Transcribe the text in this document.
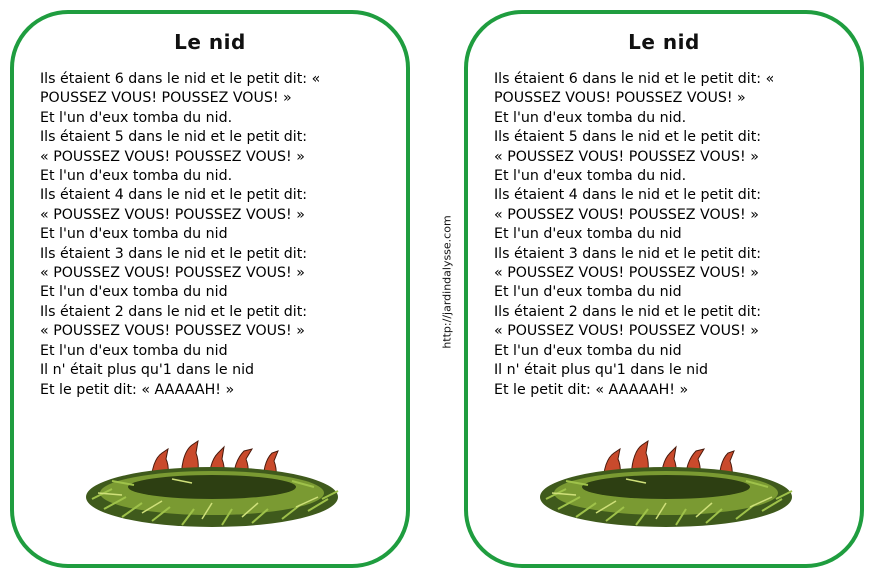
Le nid
Ils étaient 6 dans le nid et le petit dit: «
POUSSEZ VOUS! POUSSEZ VOUS! »
Et l'un d'eux tomba du nid.
Ils étaient 5 dans le nid et le petit dit:
« POUSSEZ VOUS! POUSSEZ VOUS! »
Et l'un d'eux tomba du nid.
Ils étaient 4 dans le nid et le petit dit:
« POUSSEZ VOUS! POUSSEZ VOUS! »
Et l'un d'eux tomba du nid
Ils étaient 3 dans le nid et le petit dit:
« POUSSEZ VOUS! POUSSEZ VOUS! »
Et l'un d'eux tomba du nid
Ils étaient 2 dans le nid et le petit dit:
« POUSSEZ VOUS! POUSSEZ VOUS! »
Et l'un d'eux tomba du nid
Il n' était plus qu'1 dans le nid
Et le petit dit: « AAAAAH! »
http://jardindalysse.com
Le nid
Ils étaient 6 dans le nid et le petit dit: «
POUSSEZ VOUS! POUSSEZ VOUS! »
Et l'un d'eux tomba du nid.
Ils étaient 5 dans le nid et le petit dit:
« POUSSEZ VOUS! POUSSEZ VOUS! »
Et l'un d'eux tomba du nid.
Ils étaient 4 dans le nid et le petit dit:
« POUSSEZ VOUS! POUSSEZ VOUS! »
Et l'un d'eux tomba du nid
Ils étaient 3 dans le nid et le petit dit:
« POUSSEZ VOUS! POUSSEZ VOUS! »
Et l'un d'eux tomba du nid
Ils étaient 2 dans le nid et le petit dit:
« POUSSEZ VOUS! POUSSEZ VOUS! »
Et l'un d'eux tomba du nid
Il n' était plus qu'1 dans le nid
Et le petit dit: « AAAAAH! »
